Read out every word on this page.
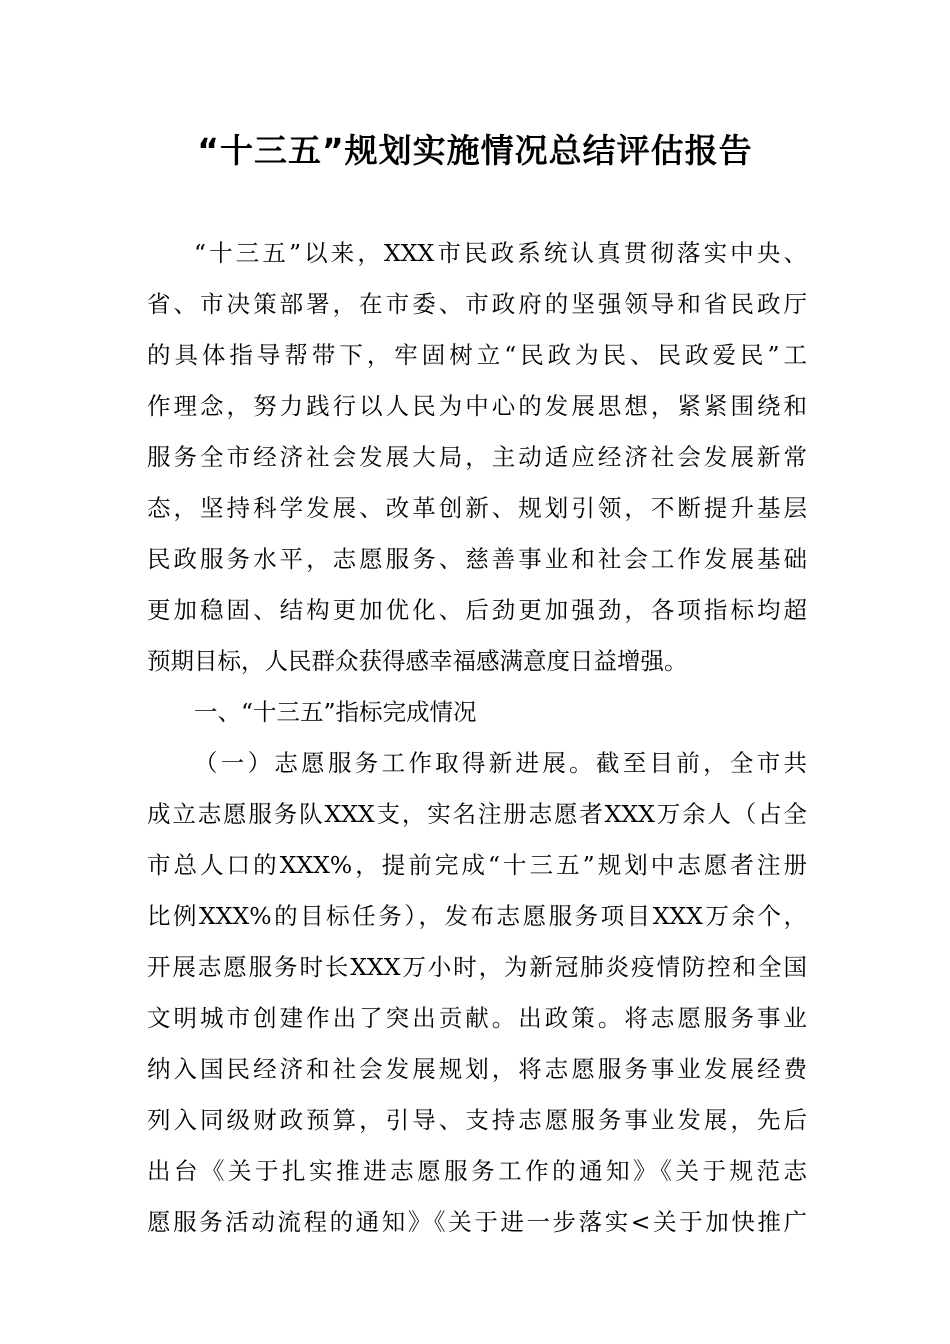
“十三五”规划实施情况总结评估报告
“十三五”以来，XXX市民政系统认真贯彻落实中央、
省、市决策部署，在市委、市政府的坚强领导和省民政厅
的具体指导帮带下，牢固树立“民政为民、民政爱民”工
作理念，努力践行以人民为中心的发展思想，紧紧围绕和
服务全市经济社会发展大局，主动适应经济社会发展新常
态，坚持科学发展、改革创新、规划引领，不断提升基层
民政服务水平，志愿服务、慈善事业和社会工作发展基础
更加稳固、结构更加优化、后劲更加强劲，各项指标均超
预期目标，人民群众获得感幸福感满意度日益增强。
一、“十三五”指标完成情况
（一）志愿服务工作取得新进展。截至目前，全市共
成立志愿服务队XXX支，实名注册志愿者XXX万余人（占全
市总人口的XXX%，提前完成“十三五”规划中志愿者注册
比例XXX%的目标任务），发布志愿服务项目XXX万余个，
开展志愿服务时长XXX万小时，为新冠肺炎疫情防控和全国
文明城市创建作出了突出贡献。出政策。将志愿服务事业
纳入国民经济和社会发展规划，将志愿服务事业发展经费
列入同级财政预算，引导、支持志愿服务事业发展，先后
出台《关于扎实推进志愿服务工作的通知》《关于规范志
愿服务活动流程的通知》《关于进一步落实<关于加快推广
